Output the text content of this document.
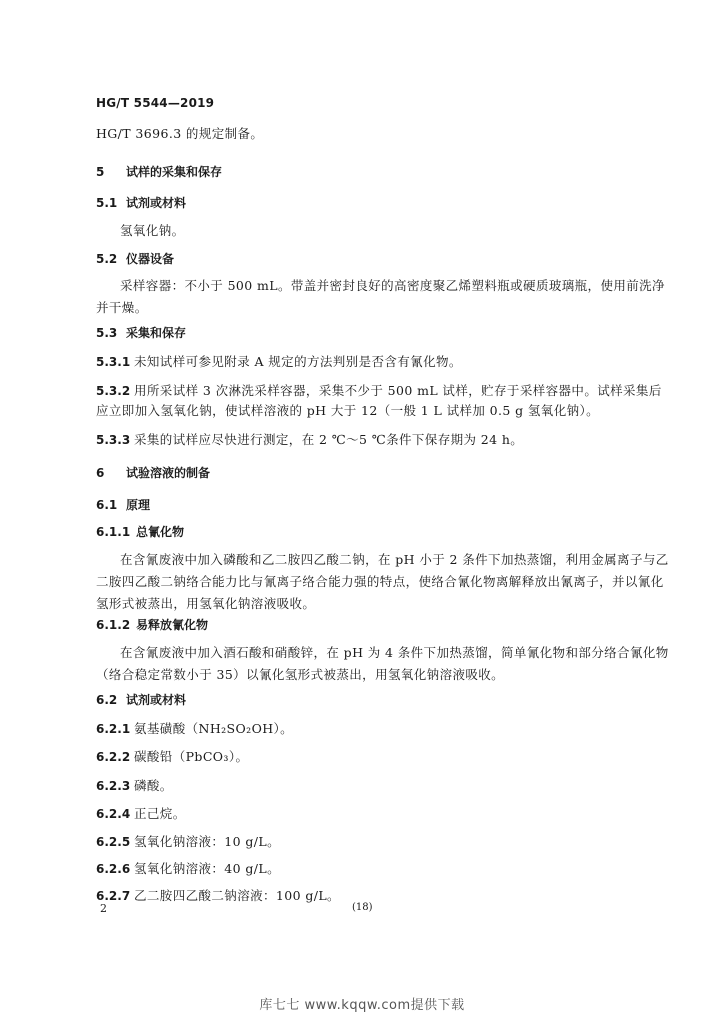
HG/T 5544—2019
HG/T 3696.3 的规定制备。
5 试样的采集和保存
5.1 试剂或材料
氢氧化钠。
5.2 仪器设备
采样容器：不小于 500 mL。带盖并密封良好的高密度聚乙烯塑料瓶或硬质玻璃瓶，使用前洗净
并干燥。
5.3 采集和保存
5.3.1 未知试样可参见附录 A 规定的方法判别是否含有氰化物。
5.3.2 用所采试样 3 次淋洗采样容器，采集不少于 500 mL 试样，贮存于采样容器中。试样采集后
应立即加入氢氧化钠，使试样溶液的 pH 大于 12（一般 1 L 试样加 0.5 g 氢氧化钠）。
5.3.3 采集的试样应尽快进行测定，在 2 ℃～5 ℃条件下保存期为 24 h。
6 试验溶液的制备
6.1 原理
6.1.1 总氰化物
在含氰废液中加入磷酸和乙二胺四乙酸二钠，在 pH 小于 2 条件下加热蒸馏，利用金属离子与乙
二胺四乙酸二钠络合能力比与氰离子络合能力强的特点，使络合氰化物离解释放出氰离子，并以氰化
氢形式被蒸出，用氢氧化钠溶液吸收。
6.1.2 易释放氰化物
在含氰废液中加入酒石酸和硝酸锌，在 pH 为 4 条件下加热蒸馏，简单氰化物和部分络合氰化物
（络合稳定常数小于 35）以氰化氢形式被蒸出，用氢氧化钠溶液吸收。
6.2 试剂或材料
6.2.1 氨基磺酸（NH₂SO₂OH）。
6.2.2 碳酸铅（PbCO₃）。
6.2.3 磷酸。
6.2.4 正己烷。
6.2.5 氢氧化钠溶液：10 g/L。
6.2.6 氢氧化钠溶液：40 g/L。
6.2.7 乙二胺四乙酸二钠溶液：100 g/L。
2	(18)
库七七 www.kqqw.com提供下载
